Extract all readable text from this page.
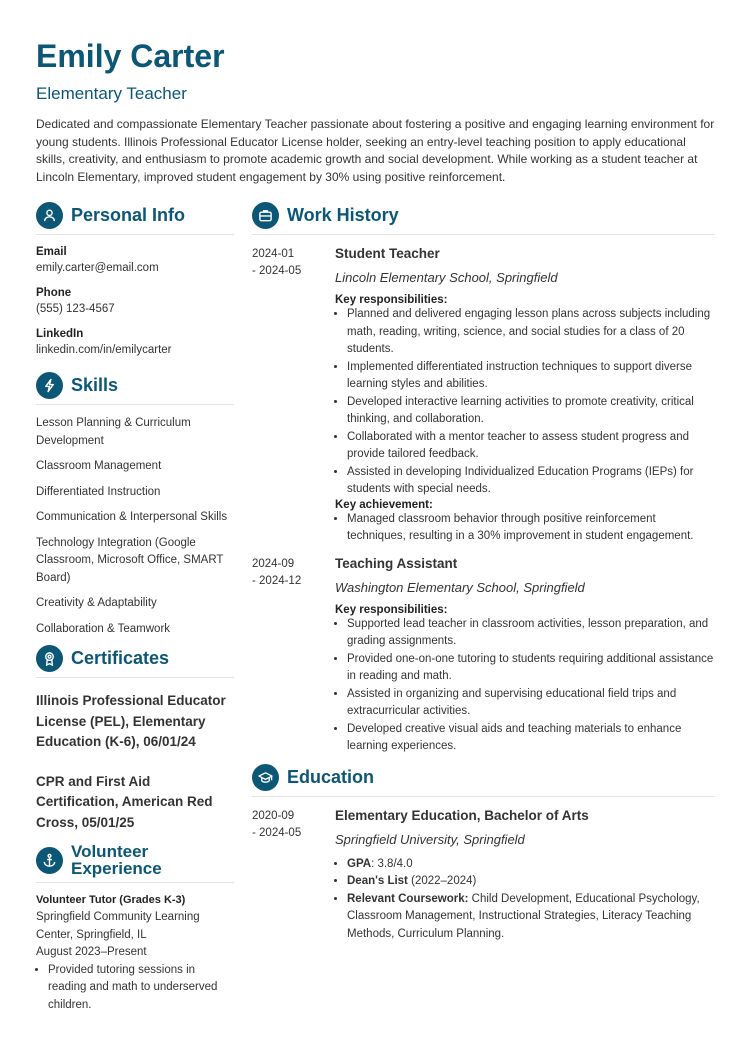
Emily Carter
Elementary Teacher
Dedicated and compassionate Elementary Teacher passionate about fostering a positive and engaging learning environment for young students. Illinois Professional Educator License holder, seeking an entry-level teaching position to apply educational skills, creativity, and enthusiasm to promote academic growth and social development. While working as a student teacher at Lincoln Elementary, improved student engagement by 30% using positive reinforcement.
Personal Info
Email
emily.carter@email.com
Phone
(555) 123-4567
LinkedIn
linkedin.com/in/emilycarter
Skills
Lesson Planning & Curriculum Development
Classroom Management
Differentiated Instruction
Communication & Interpersonal Skills
Technology Integration (Google Classroom, Microsoft Office, SMART Board)
Creativity & Adaptability
Collaboration & Teamwork
Certificates
Illinois Professional Educator License (PEL), Elementary Education (K-6), 06/01/24
CPR and First Aid Certification, American Red Cross, 05/01/25
Volunteer
Experience
Volunteer Tutor (Grades K-3)
Springfield Community Learning Center, Springfield, IL
August 2023–Present
• Provided tutoring sessions in reading and math to underserved children.
Work History
2024-01
- 2024-05
Student Teacher
Lincoln Elementary School, Springfield
Key responsibilities:
• Planned and delivered engaging lesson plans across subjects including math, reading, writing, science, and social studies for a class of 20 students.
• Implemented differentiated instruction techniques to support diverse learning styles and abilities.
• Developed interactive learning activities to promote creativity, critical thinking, and collaboration.
• Collaborated with a mentor teacher to assess student progress and provide tailored feedback.
• Assisted in developing Individualized Education Programs (IEPs) for students with special needs.
Key achievement:
• Managed classroom behavior through positive reinforcement techniques, resulting in a 30% improvement in student engagement.
2024-09
- 2024-12
Teaching Assistant
Washington Elementary School, Springfield
Key responsibilities:
• Supported lead teacher in classroom activities, lesson preparation, and grading assignments.
• Provided one-on-one tutoring to students requiring additional assistance in reading and math.
• Assisted in organizing and supervising educational field trips and extracurricular activities.
• Developed creative visual aids and teaching materials to enhance learning experiences.
Education
2020-09
- 2024-05
Elementary Education, Bachelor of Arts
Springfield University, Springfield
• GPA: 3.8/4.0
• Dean's List (2022–2024)
• Relevant Coursework: Child Development, Educational Psychology, Classroom Management, Instructional Strategies, Literacy Teaching Methods, Curriculum Planning.
